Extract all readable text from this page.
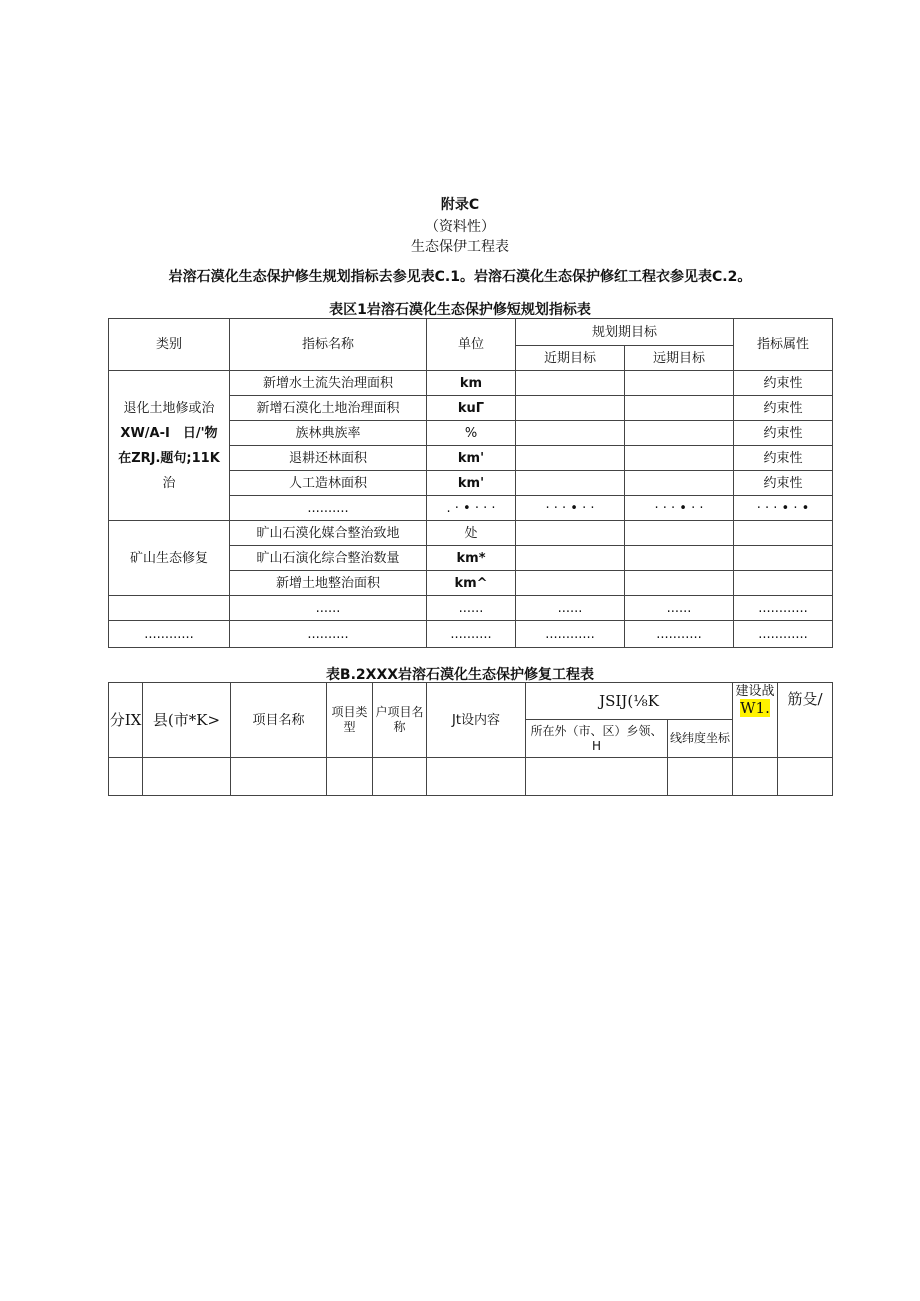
附录C
（资料性）
生态保伊工程表
岩溶石漠化生态保护修生规划指标去参见表C.1。岩溶石漠化生态保护修红工程衣参见表C.2。
表区1岩溶石漠化生态保护修短规划指标表
类别	指标名称	单位	规划期目标		指标属性
			近期目标	远期目标	

退化土地修或治
XW/A-I　日/'物
在ZRJ.题句;11K
治	新增水土流失治理面积	km			约束性
	新增石漠化土地治理面积	kuΓ			约束性
	族林典族率	%			约束性
	退耕还林面积	km'			约束性
	人工造林面积	km'			约束性
	..........	. · • · · ·	· · · • · ·	· · · • · ·	· · · • · •
矿山生态修复	旷山石漠化媒合整治致地	处			
	旷山石演化综合整治数量	km*			
	新增土地整治面积	km^			
	......	......	......	......	............
............	..........	..........	............	...........	............
表B.2XXX岩溶石漠化生态保护修复工程表
分IX	县(市*K>	项目名称	项目类型	户项目名称	Jt设内容	JSIJ(⅛K		建设战W1.	筋殳/
						所在外（市、区）乡领、H	线纬度坐标		
